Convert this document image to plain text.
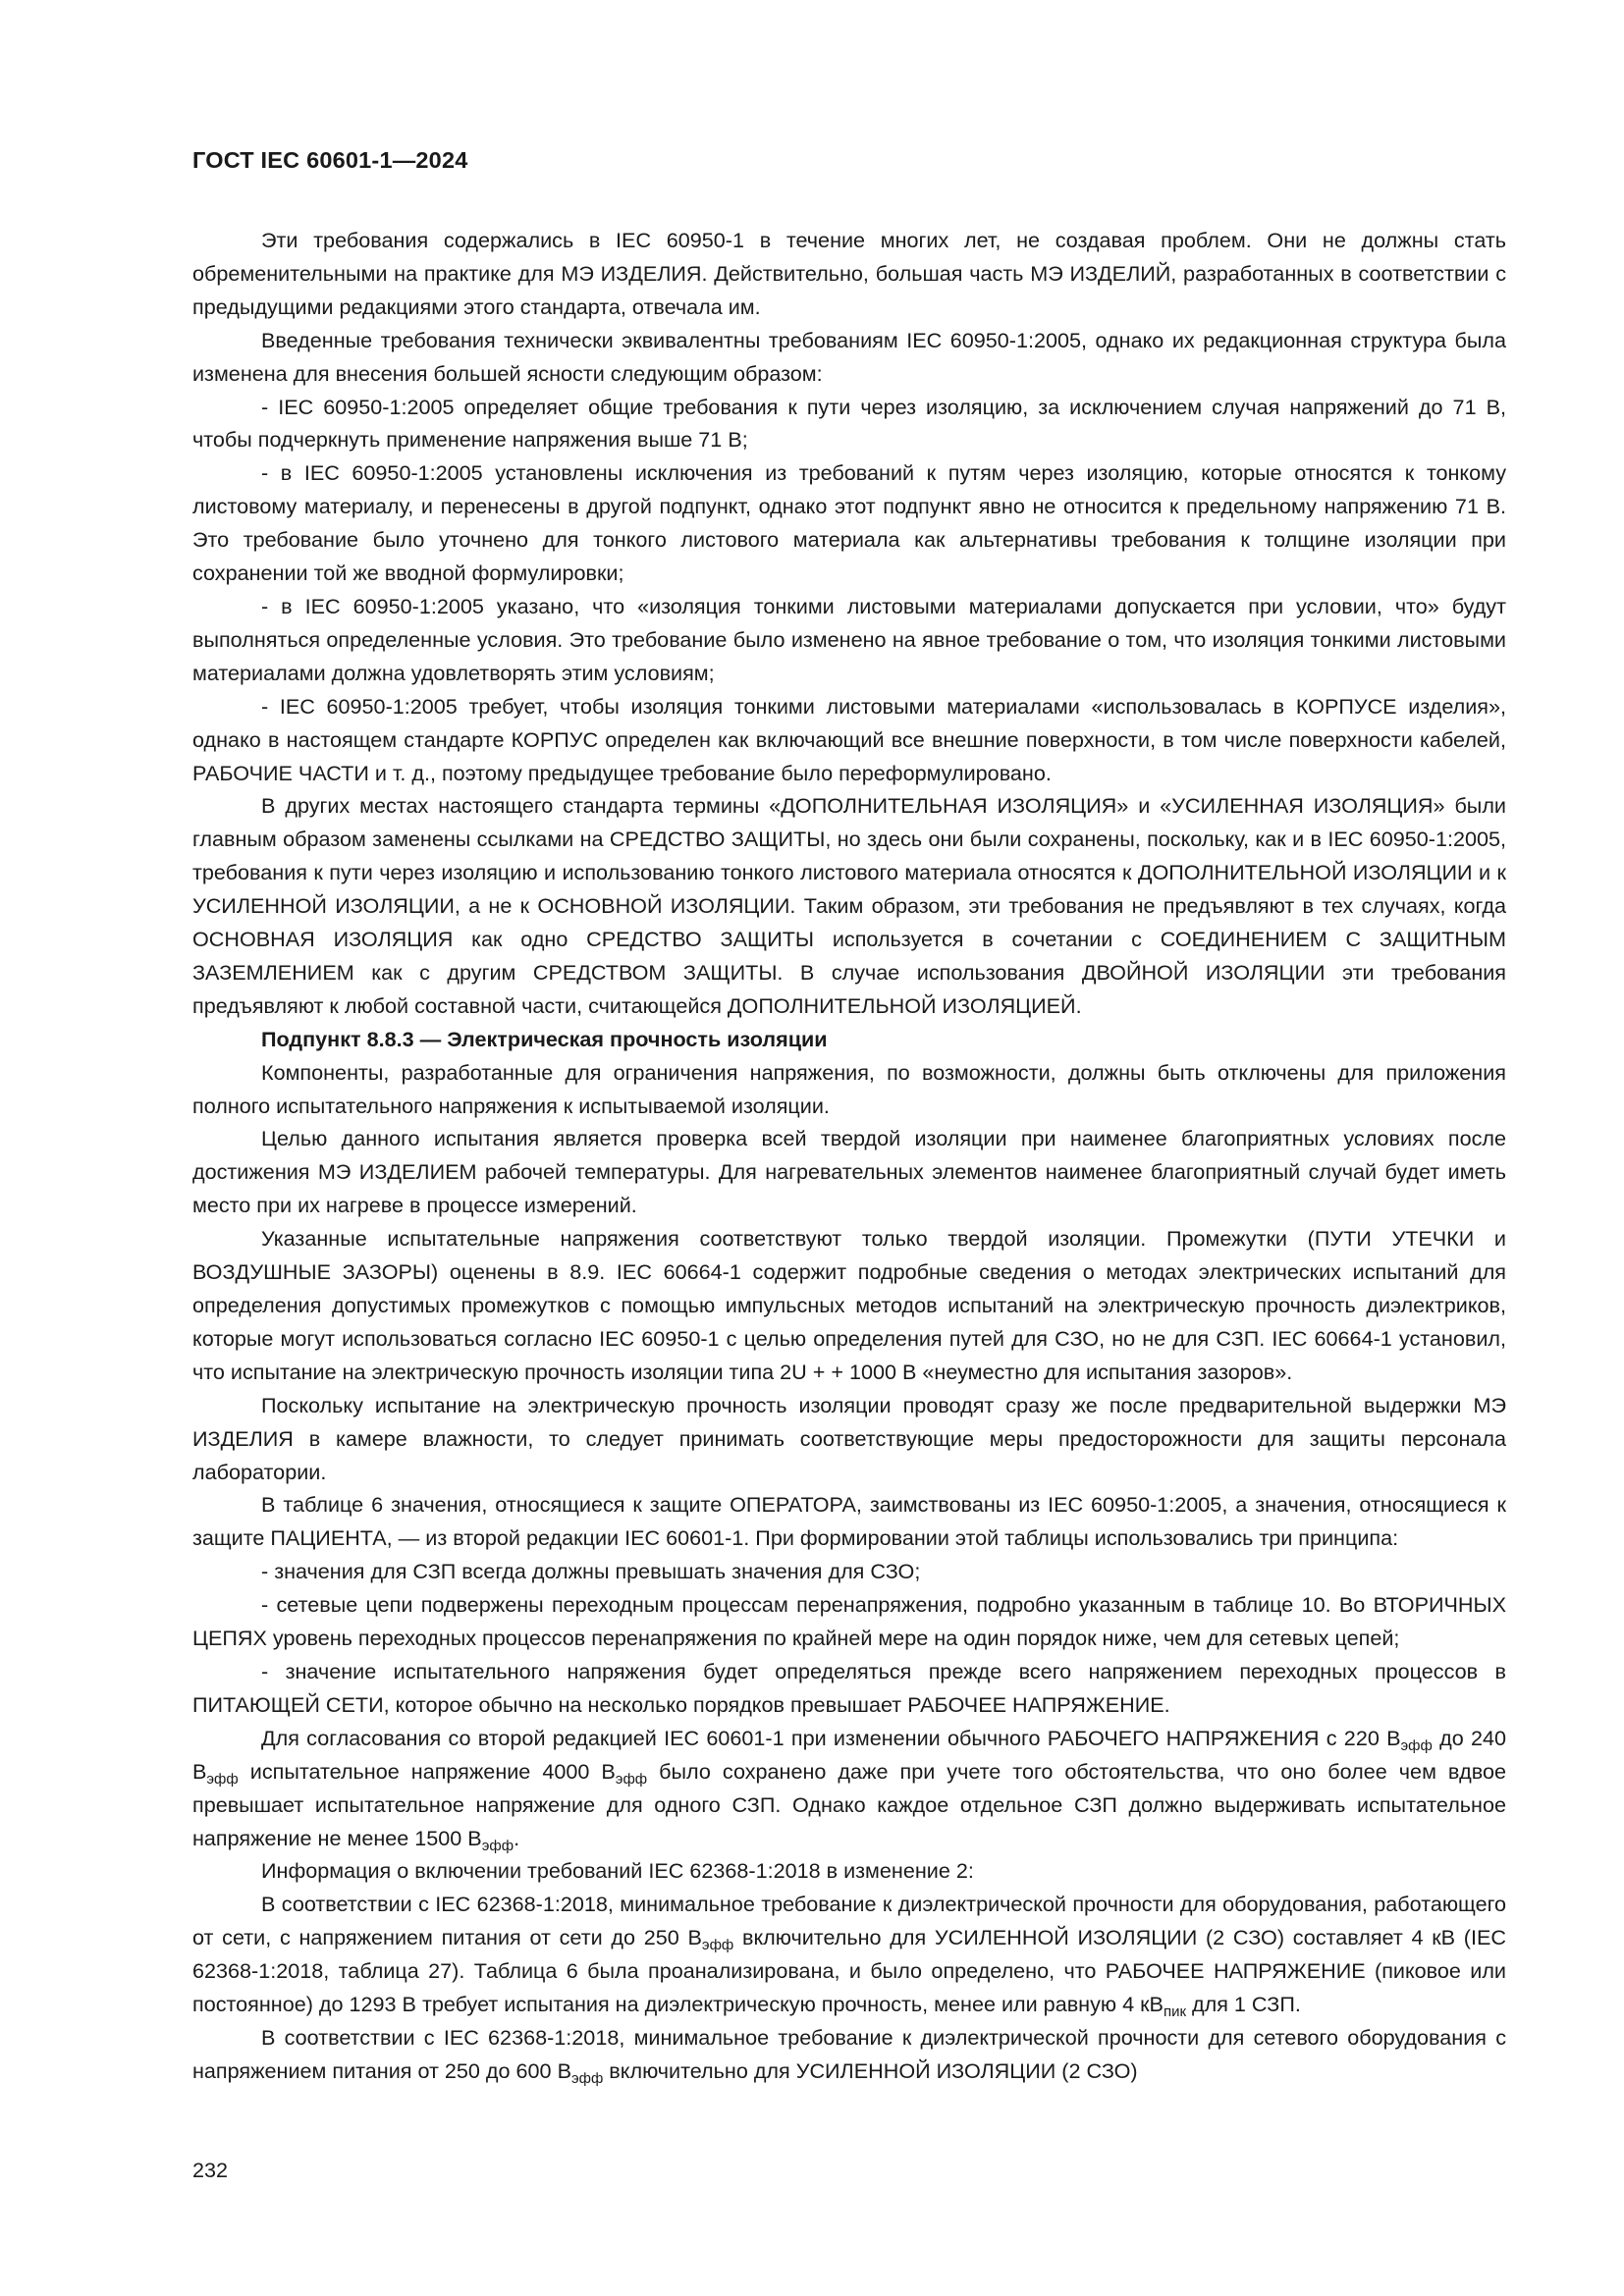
ГОСТ IEC 60601-1—2024

Эти требования содержались в IEC 60950-1 в течение многих лет, не создавая проблем. Они не должны стать обременительными на практике для МЭ ИЗДЕЛИЯ. Действительно, большая часть МЭ ИЗДЕЛИЙ, разработанных в соответствии с предыдущими редакциями этого стандарта, отвечала им.

Введенные требования технически эквивалентны требованиям IEC 60950-1:2005, однако их редакционная структура была изменена для внесения большей ясности следующим образом:

- IEC 60950-1:2005 определяет общие требования к пути через изоляцию, за исключением случая напряжений до 71 В, чтобы подчеркнуть применение напряжения выше 71 В;

- в IEC 60950-1:2005 установлены исключения из требований к путям через изоляцию, которые относятся к тонкому листовому материалу, и перенесены в другой подпункт, однако этот подпункт явно не относится к предельному напряжению 71 В. Это требование было уточнено для тонкого листового материала как альтернативы требования к толщине изоляции при сохранении той же вводной формулировки;

- в IEC 60950-1:2005 указано, что «изоляция тонкими листовыми материалами допускается при условии, что» будут выполняться определенные условия. Это требование было изменено на явное требование о том, что изоляция тонкими листовыми материалами должна удовлетворять этим условиям;

- IEC 60950-1:2005 требует, чтобы изоляция тонкими листовыми материалами «использовалась в КОРПУСЕ изделия», однако в настоящем стандарте КОРПУС определен как включающий все внешние поверхности, в том числе поверхности кабелей, РАБОЧИЕ ЧАСТИ и т. д., поэтому предыдущее требование было переформулировано.

В других местах настоящего стандарта термины «ДОПОЛНИТЕЛЬНАЯ ИЗОЛЯЦИЯ» и «УСИЛЕННАЯ ИЗОЛЯЦИЯ» были главным образом заменены ссылками на СРЕДСТВО ЗАЩИТЫ, но здесь они были сохранены, поскольку, как и в IEC 60950-1:2005, требования к пути через изоляцию и использованию тонкого листового материала относятся к ДОПОЛНИТЕЛЬНОЙ ИЗОЛЯЦИИ и к УСИЛЕННОЙ ИЗОЛЯЦИИ, а не к ОСНОВНОЙ ИЗОЛЯЦИИ. Таким образом, эти требования не предъявляют в тех случаях, когда ОСНОВНАЯ ИЗОЛЯЦИЯ как одно СРЕДСТВО ЗАЩИТЫ используется в сочетании с СОЕДИНЕНИЕМ С ЗАЩИТНЫМ ЗАЗЕМЛЕНИЕМ как с другим СРЕДСТВОМ ЗАЩИТЫ. В случае использования ДВОЙНОЙ ИЗОЛЯЦИИ эти требования предъявляют к любой составной части, считающейся ДОПОЛНИТЕЛЬНОЙ ИЗОЛЯЦИЕЙ.

Подпункт 8.8.3 — Электрическая прочность изоляции

Компоненты, разработанные для ограничения напряжения, по возможности, должны быть отключены для приложения полного испытательного напряжения к испытываемой изоляции.

Целью данного испытания является проверка всей твердой изоляции при наименее благоприятных условиях после достижения МЭ ИЗДЕЛИЕМ рабочей температуры. Для нагревательных элементов наименее благоприятный случай будет иметь место при их нагреве в процессе измерений.

Указанные испытательные напряжения соответствуют только твердой изоляции. Промежутки (ПУТИ УТЕЧКИ и ВОЗДУШНЫЕ ЗАЗОРЫ) оценены в 8.9. IEC 60664-1 содержит подробные сведения о методах электрических испытаний для определения допустимых промежутков с помощью импульсных методов испытаний на электрическую прочность диэлектриков, которые могут использоваться согласно IEC 60950-1 с целью определения путей для СЗО, но не для СЗП. IEC 60664-1 установил, что испытание на электрическую прочность изоляции типа 2U + + 1000 В «неуместно для испытания зазоров».

Поскольку испытание на электрическую прочность изоляции проводят сразу же после предварительной выдержки МЭ ИЗДЕЛИЯ в камере влажности, то следует принимать соответствующие меры предосторожности для защиты персонала лаборатории.

В таблице 6 значения, относящиеся к защите ОПЕРАТОРА, заимствованы из IEC 60950-1:2005, а значения, относящиеся к защите ПАЦИЕНТА, — из второй редакции IEC 60601-1. При формировании этой таблицы использовались три принципа:

- значения для СЗП всегда должны превышать значения для СЗО;

- сетевые цепи подвержены переходным процессам перенапряжения, подробно указанным в таблице 10. Во ВТОРИЧНЫХ ЦЕПЯХ уровень переходных процессов перенапряжения по крайней мере на один порядок ниже, чем для сетевых цепей;

- значение испытательного напряжения будет определяться прежде всего напряжением переходных процессов в ПИТАЮЩЕЙ СЕТИ, которое обычно на несколько порядков превышает РАБОЧЕЕ НАПРЯЖЕНИЕ.

Для согласования со второй редакцией IEC 60601-1 при изменении обычного РАБОЧЕГО НАПРЯЖЕНИЯ с 220 $В_{эфф}$ до 240 $В_{эфф}$ испытательное напряжение 4000 $В_{эфф}$ было сохранено даже при учете того обстоятельства, что оно более чем вдвое превышает испытательное напряжение для одного СЗП. Однако каждое отдельное СЗП должно выдерживать испытательное напряжение не менее 1500 $В_{эфф}$.

Информация о включении требований IEC 62368-1:2018 в изменение 2:

В соответствии с IEC 62368-1:2018, минимальное требование к диэлектрической прочности для оборудования, работающего от сети, с напряжением питания от сети до 250 $В_{эфф}$ включительно для УСИЛЕННОЙ ИЗОЛЯЦИИ (2 СЗО) составляет 4 кВ (IEC 62368-1:2018, таблица 27). Таблица 6 была проанализирована, и было определено, что РАБОЧЕЕ НАПРЯЖЕНИЕ (пиковое или постоянное) до 1293 В требует испытания на диэлектрическую прочность, менее или равную 4 $кВ_{пик}$ для 1 СЗП.

В соответствии с IEC 62368-1:2018, минимальное требование к диэлектрической прочности для сетевого оборудования с напряжением питания от 250 до 600 $В_{эфф}$ включительно для УСИЛЕННОЙ ИЗОЛЯЦИИ (2 СЗО)

232
